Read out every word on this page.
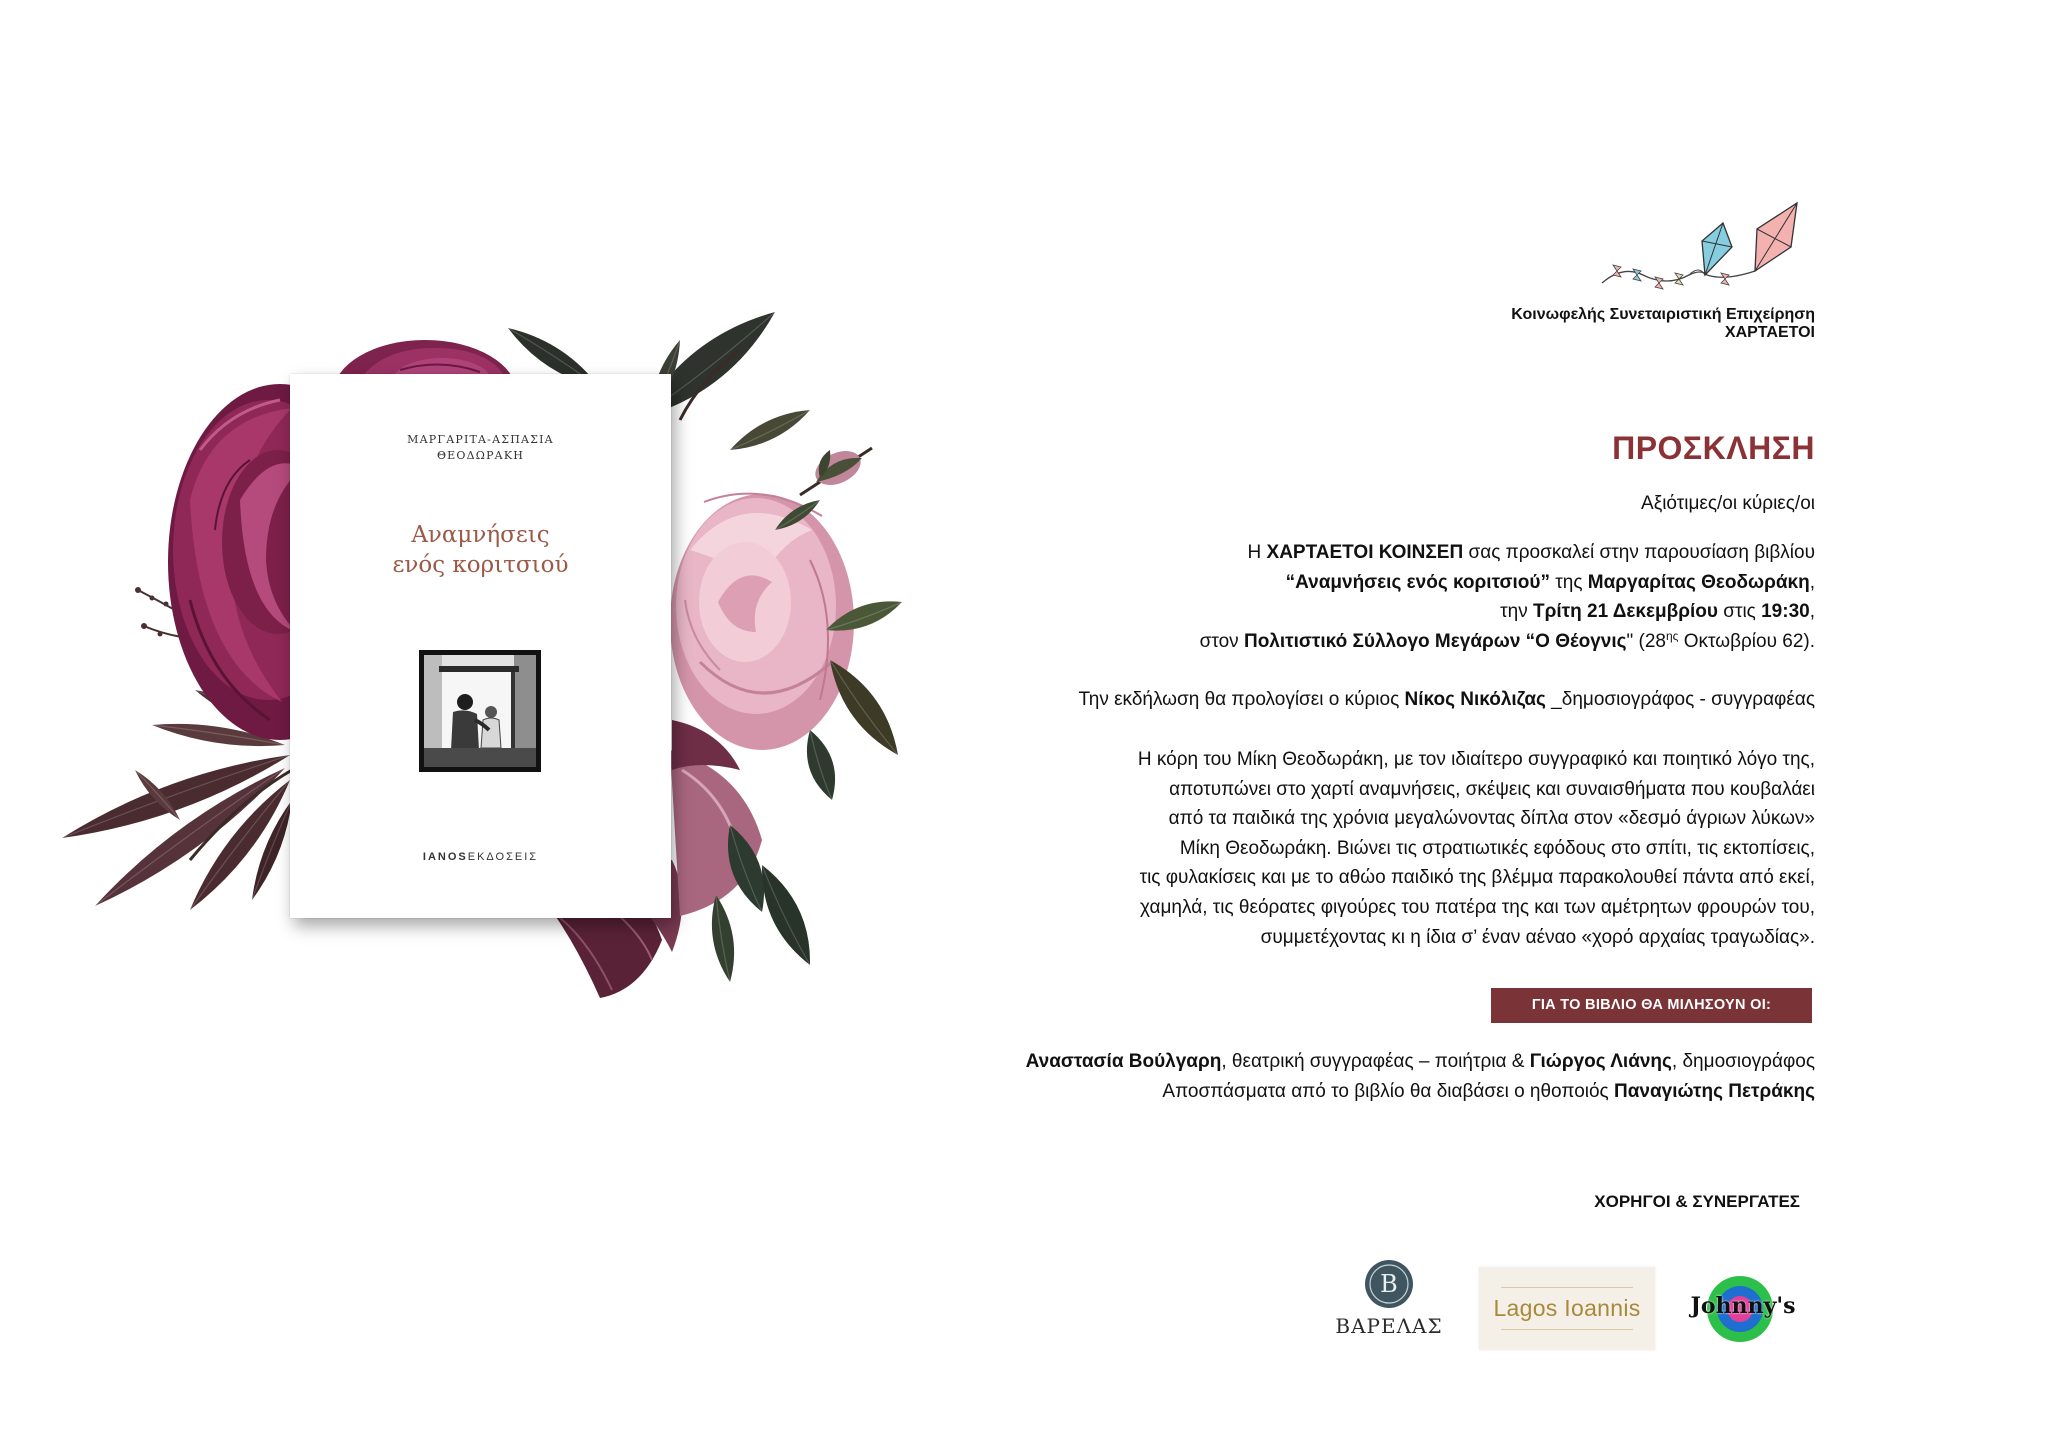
ΜΑΡΓΑΡΙΤΑ-ΑΣΠΑΣΙΑ
ΘΕΟΔΩΡΑΚΗ
Αναμνήσεις
ενός κοριτσιού
IANOSΕΚΔΟΣΕΙΣ
Κοινωφελής Συνεταιριστική Επιχείρηση
ΧΑΡΤΑΕΤΟΙ
ΠΡΟΣΚΛΗΣΗ
Αξιότιμες/οι κύριες/οι
Η ΧΑΡΤΑΕΤΟΙ ΚΟΙΝΣΕΠ σας προσκαλεί στην παρουσίαση βιβλίου
“Αναμνήσεις ενός κοριτσιού” της Μαργαρίτας Θεοδωράκη,
την Τρίτη 21 Δεκεμβρίου στις 19:30,
στον Πολιτιστικό Σύλλογο Μεγάρων “Ο Θέογνις" ($28^{\eta\varsigma}$ Οκτωβρίου 62).
Την εκδήλωση θα προλογίσει ο κύριος Νίκος Νικόλιζας _δημοσιογράφος - συγγραφέας
Η κόρη του Μίκη Θεοδωράκη, με τον ιδιαίτερο συγγραφικό και ποιητικό λόγο της,
αποτυπώνει στο χαρτί αναμνήσεις, σκέψεις και συναισθήματα που κουβαλάει
από τα παιδικά της χρόνια μεγαλώνοντας δίπλα στον «δεσμό άγριων λύκων»
Μίκη Θεοδωράκη. Βιώνει τις στρατιωτικές εφόδους στο σπίτι, τις εκτοπίσεις,
τις φυλακίσεις και με το αθώο παιδικό της βλέμμα παρακολουθεί πάντα από εκεί,
χαμηλά, τις θεόρατες φιγούρες του πατέρα της και των αμέτρητων φρουρών του,
συμμετέχοντας κι η ίδια σ’ έναν αέναο «χορό αρχαίας τραγωδίας».
ΓΙΑ ΤΟ ΒΙΒΛΙΟ ΘΑ ΜΙΛΗΣΟΥΝ ΟΙ:
Αναστασία Βούλγαρη, θεατρική συγγραφέας – ποιήτρια & Γιώργος Λιάνης, δημοσιογράφος
Αποσπάσματα από το βιβλίο θα διαβάσει ο ηθοποιός Παναγιώτης Πετράκης
ΧΟΡΗΓΟΙ & ΣΥΝΕΡΓΑΤΕΣ
B
ΒΑΡΕΛΑΣ
Lagos Ioannis	Johnny's
